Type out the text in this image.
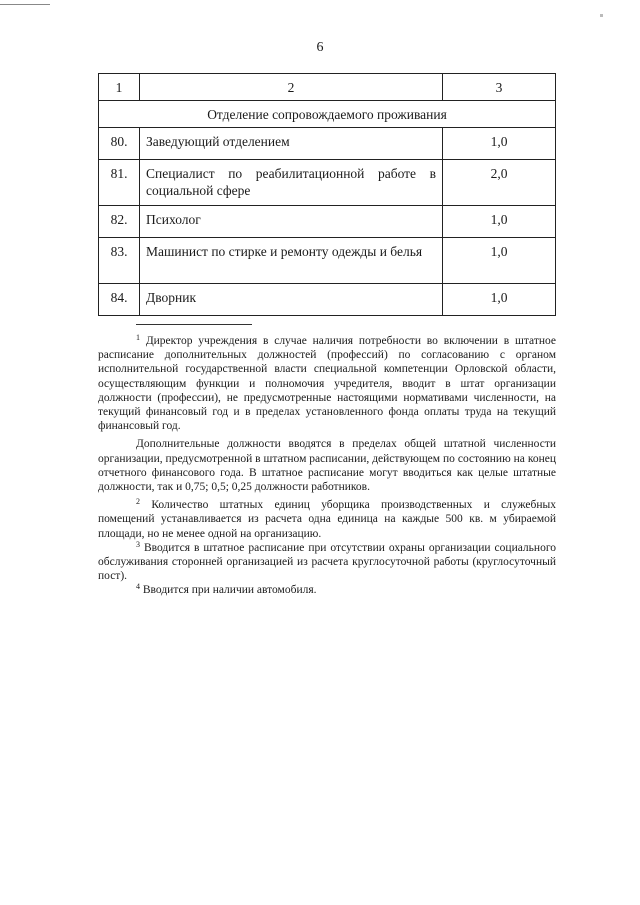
6
1	2	3
Отделение сопровождаемого проживания		
80.	Заведующий отделением	1,0
81.	Специалист по реабилитационной работе в социальной сфере	2,0
82.	Психолог	1,0
83.	Машинист по стирке и ремонту одежды и белья	1,0
84.	Дворник	1,0

$^1$ Директор учреждения в случае наличия потребности во включении в штатное расписание дополнительных должностей (профессий) по согласованию с органом исполнительной государственной власти специальной компетенции Орловской области, осуществляющим функции и полномочия учредителя, вводит в штат организации должности (профессии), не предусмотренные настоящими нормативами численности, на текущий финансовый год и в пределах установленного фонда оплаты труда на текущий финансовый год.

Дополнительные должности вводятся в пределах общей штатной численности организации, предусмотренной в штатном расписании, действующем по состоянию на конец отчетного финансового года. В штатное расписание могут вводиться как целые штатные должности, так и 0,75; 0,5; 0,25 должности работников.

$^2$ Количество штатных единиц уборщика производственных и служебных помещений устанавливается из расчета одна единица на каждые 500 кв. м убираемой площади, но не менее одной на организацию.

$^3$ Вводится в штатное расписание при отсутствии охраны организации социального обслуживания сторонней организацией из расчета круглосуточной работы (круглосуточный пост).

$^4$ Вводится при наличии автомобиля.
